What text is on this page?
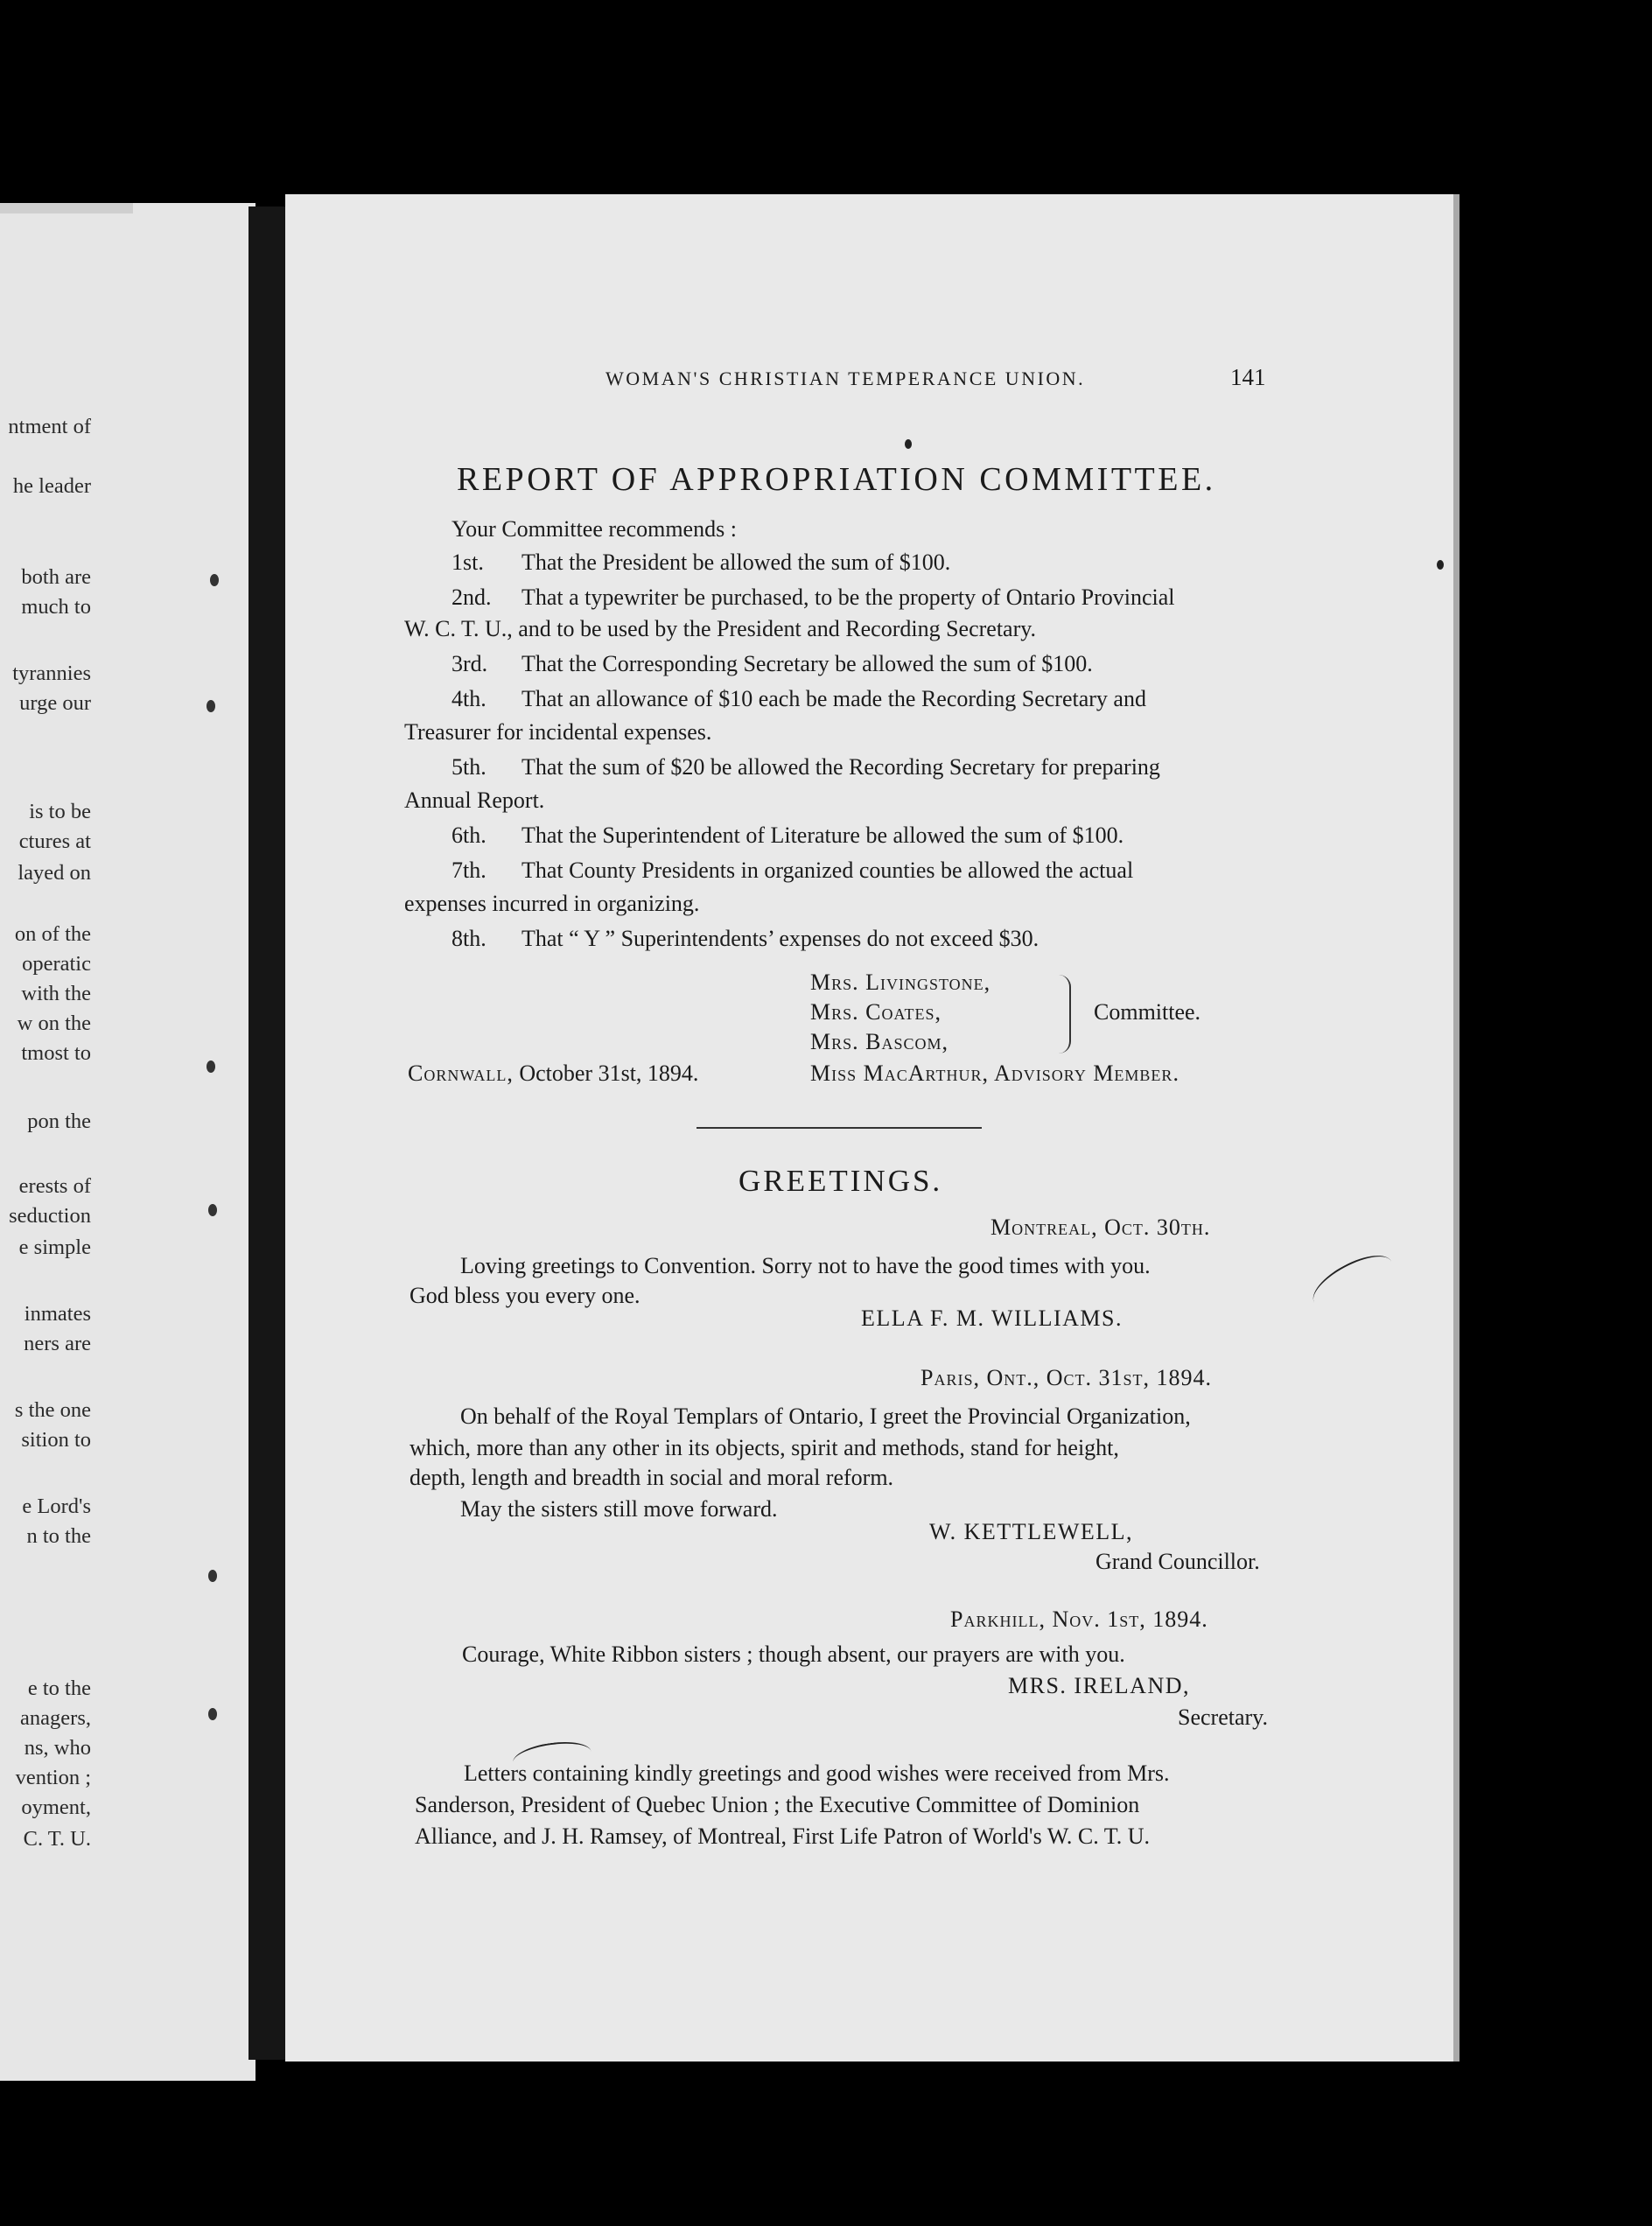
ntment of
he leader
both are
much to
tyrannies
urge our
is to be
ctures at
layed on
on of the
operatic
with the
w on the
tmost to
pon the
erests of
seduction
e simple
inmates
ners are
s the one
sition to
e Lord's
n to the
e to the
anagers,
ns, who
vention ;
oyment,
C. T. U.
WOMAN'S CHRISTIAN TEMPERANCE UNION.	141
REPORT OF APPROPRIATION COMMITTEE.
Your Committee recommends :
1st. That the President be allowed the sum of $100.
2nd. That a typewriter be purchased, to be the property of Ontario Provincial
W. C. T. U., and to be used by the President and Recording Secretary.
3rd. That the Corresponding Secretary be allowed the sum of $100.
4th. That an allowance of $10 each be made the Recording Secretary and
Treasurer for incidental expenses.
5th. That the sum of $20 be allowed the Recording Secretary for preparing
Annual Report.
6th. That the Superintendent of Literature be allowed the sum of $100.
7th. That County Presidents in organized counties be allowed the actual
expenses incurred in organizing.
8th. That “ Y ” Superintendents’ expenses do not exceed $30.
Mrs. Livingstone,
Mrs. Coates,
Mrs. Bascom,
Committee.
Cornwall, October 31st, 1894.	Miss MacArthur, Advisory Member.
GREETINGS.
Montreal, Oct. 30th.
Loving greetings to Convention. Sorry not to have the good times with you.
God bless you every one.
ELLA F. M. WILLIAMS.
Paris, Ont., Oct. 31st, 1894.
On behalf of the Royal Templars of Ontario, I greet the Provincial Organization,
which, more than any other in its objects, spirit and methods, stand for height,
depth, length and breadth in social and moral reform.
May the sisters still move forward.
W. KETTLEWELL,
Grand Councillor.
Parkhill, Nov. 1st, 1894.
Courage, White Ribbon sisters ; though absent, our prayers are with you.
MRS. IRELAND,
Secretary.
Letters containing kindly greetings and good wishes were received from Mrs.
Sanderson, President of Quebec Union ; the Executive Committee of Dominion
Alliance, and J. H. Ramsey, of Montreal, First Life Patron of World's W. C. T. U.
